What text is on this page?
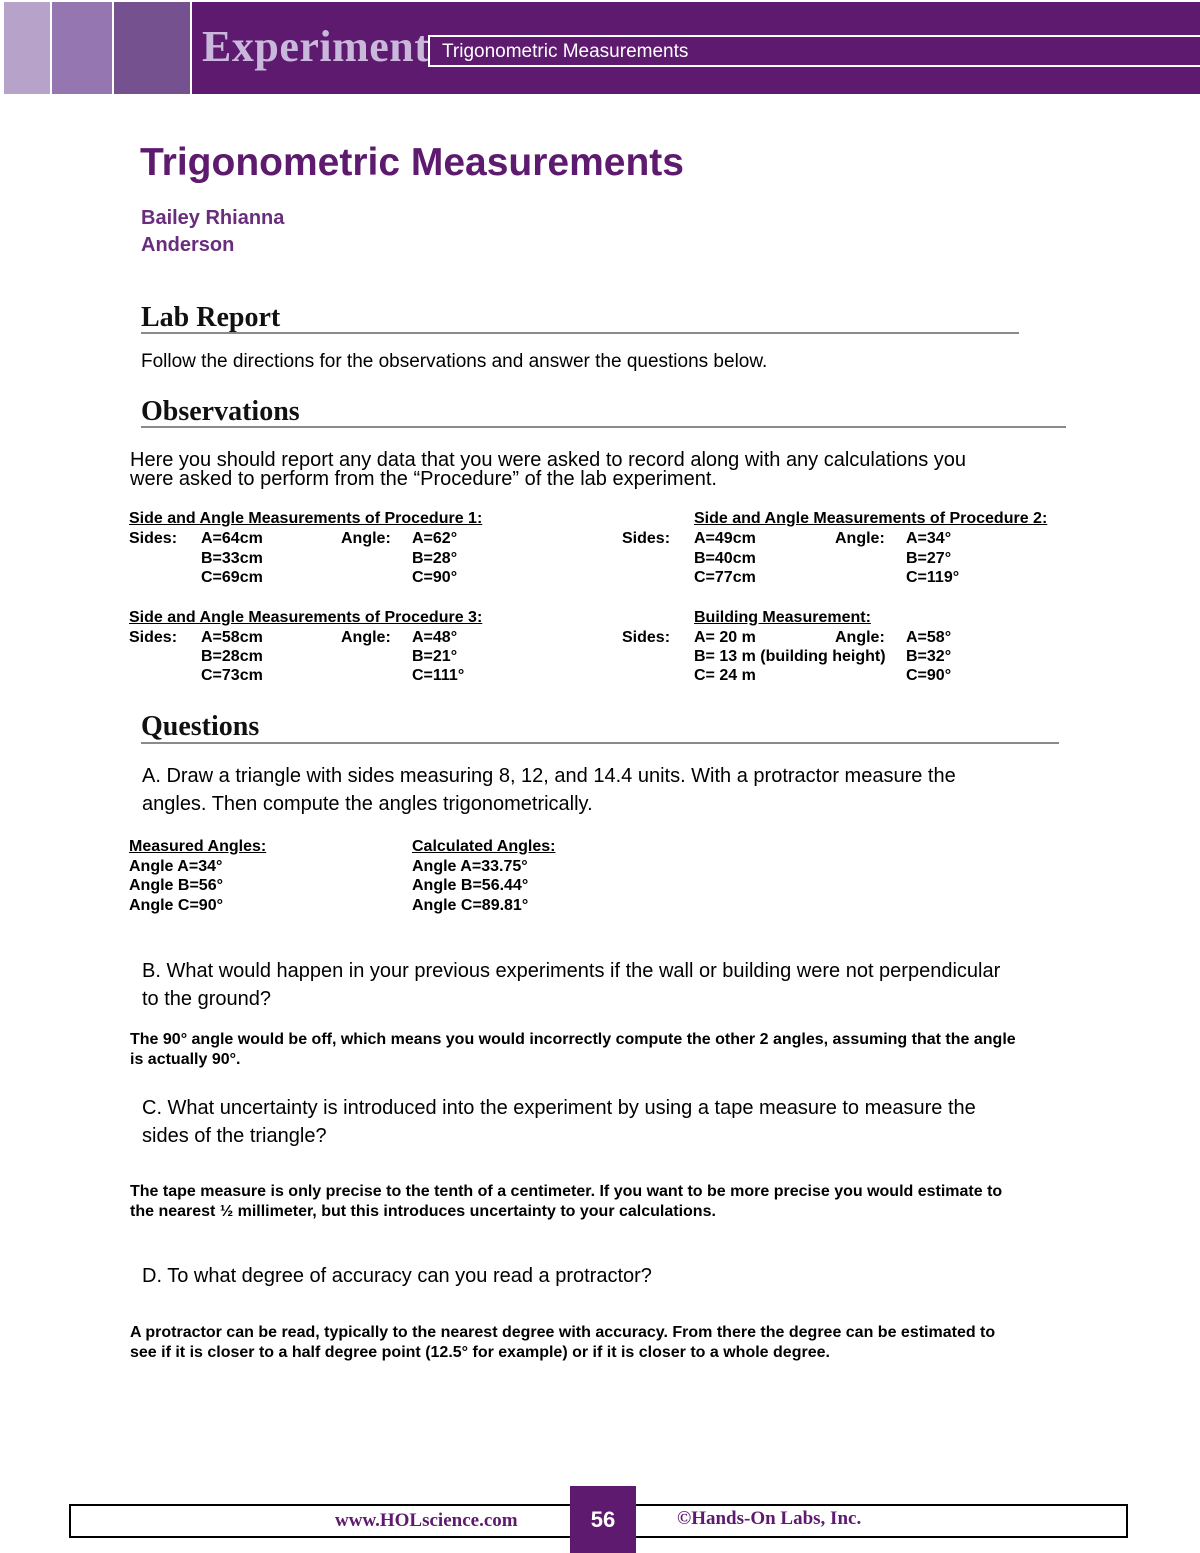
Experiment Trigonometric Measurements
Trigonometric Measurements
Bailey Rhianna
Anderson
Lab Report
Follow the directions for the observations and answer the questions below.
Observations
Here you should report any data that you were asked to record along with any calculations you
were asked to perform from the “Procedure” of the lab experiment.
Side and Angle Measurements of Procedure 1:
Sides: A=64cm
B=33cm
C=69cm
Angle: A=62°
B=28°
C=90°
Side and Angle Measurements of Procedure 2:
Sides: A=49cm
B=40cm
C=77cm
Angle: A=34°
B=27°
C=119°
Side and Angle Measurements of Procedure 3:
Sides: A=58cm
B=28cm
C=73cm
Angle: A=48°
B=21°
C=111°
Building Measurement:
Sides: A= 20 m
B= 13 m (building height)
C= 24 m
Angle: A=58°
B=32°
C=90°
Questions
A. Draw a triangle with sides measuring 8, 12, and 14.4 units. With a protractor measure the
angles. Then compute the angles trigonometrically.
Measured Angles:
Angle A=34°
Angle B=56°
Angle C=90°
Calculated Angles:
Angle A=33.75°
Angle B=56.44°
Angle C=89.81°
B. What would happen in your previous experiments if the wall or building were not perpendicular
to the ground?
The 90° angle would be off, which means you would incorrectly compute the other 2 angles, assuming that the angle
is actually 90°.
C. What uncertainty is introduced into the experiment by using a tape measure to measure the
sides of the triangle?
The tape measure is only precise to the tenth of a centimeter. If you want to be more precise you would estimate to
the nearest ½ millimeter, but this introduces uncertainty to your calculations.
D. To what degree of accuracy can you read a protractor?
A protractor can be read, typically to the nearest degree with accuracy. From there the degree can be estimated to
see if it is closer to a half degree point (12.5° for example) or if it is closer to a whole degree.
www.HOLscience.com	©Hands-On Labs, Inc.
56
